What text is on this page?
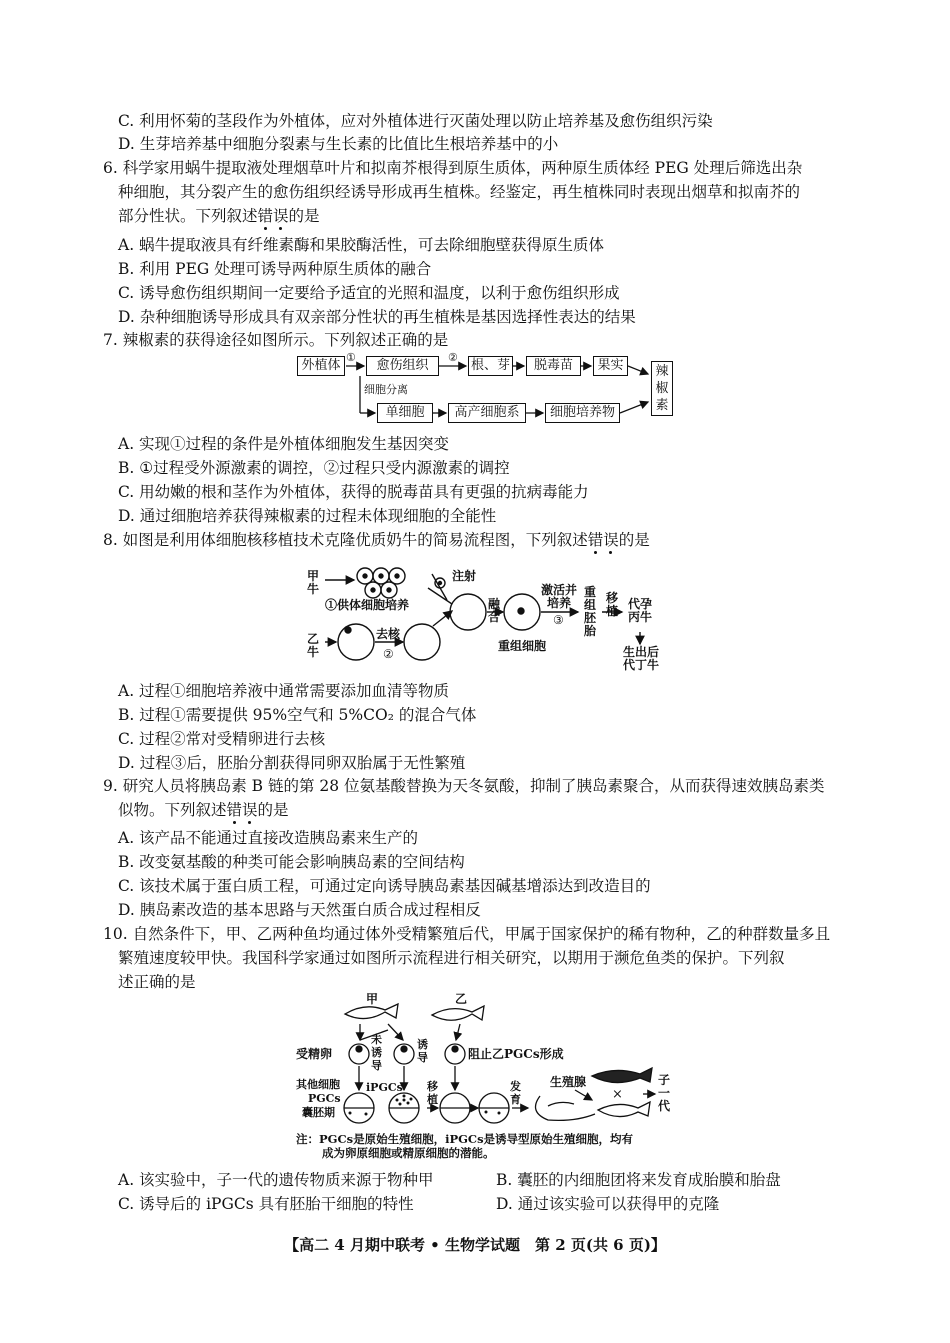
C. 利用怀菊的茎段作为外植体，应对外植体进行灭菌处理以防止培养基及愈伤组织污染
D. 生芽培养基中细胞分裂素与生长素的比值比生根培养基中的小
6. 科学家用蜗牛提取液处理烟草叶片和拟南芥根得到原生质体，两种原生质体经 PEG 处理后筛选出杂
种细胞，其分裂产生的愈伤组织经诱导形成再生植株。经鉴定，再生植株同时表现出烟草和拟南芥的
部分性状。下列叙述错误的是
A. 蜗牛提取液具有纤维素酶和果胶酶活性，可去除细胞壁获得原生质体
B. 利用 PEG 处理可诱导两种原生质体的融合
C. 诱导愈伤组织期间一定要给予适宜的光照和温度，以利于愈伤组织形成
D. 杂种细胞诱导形成具有双亲部分性状的再生植株是基因选择性表达的结果
7. 辣椒素的获得途径如图所示。下列叙述正确的是
外植体
①
愈伤组织
②
根、芽	脱毒苗	果实	辣椒素
细胞分离
单细胞	高产细胞系	细胞培养物
A. 实现①过程的条件是外植体细胞发生基因突变
B. ①过程受外源激素的调控，②过程只受内源激素的调控
C. 用幼嫩的根和茎作为外植体，获得的脱毒苗具有更强的抗病毒能力
D. 通过细胞培养获得辣椒素的过程未体现细胞的全能性
8. 如图是利用体细胞核移植技术克隆优质奶牛的简易流程图，下列叙述错误的是
甲牛
乙牛
①供体细胞培养
注射
去核
②
融合
重组细胞
激活并培养
③
重组胚胎
移植 代孕丙牛
生出后代丁牛
A. 过程①细胞培养液中通常需要添加血清等物质
B. 过程①需要提供 95%空气和 5%CO₂ 的混合气体
C. 过程②常对受精卵进行去核
D. 过程③后，胚胎分割获得同卵双胎属于无性繁殖
9. 研究人员将胰岛素 B 链的第 28 位氨基酸替换为天冬氨酸，抑制了胰岛素聚合，从而获得速效胰岛素类
似物。下列叙述错误的是
A. 该产品不能通过直接改造胰岛素来生产的
B. 改变氨基酸的种类可能会影响胰岛素的空间结构
C. 该技术属于蛋白质工程，可通过定向诱导胰岛素基因碱基增添达到改造目的
D. 胰岛素改造的基本思路与天然蛋白质合成过程相反
10. 自然条件下，甲、乙两种鱼均通过体外受精繁殖后代，甲属于国家保护的稀有物种，乙的种群数量多且
繁殖速度较甲快。我国科学家通过如图所示流程进行相关研究，以期用于濒危鱼类的保护。下列叙
述正确的是
甲	乙
未诱导
诱导	阻止乙PGCs形成
受精卵
其他细胞
PGCs
囊胚期
iPGCs 移植
发育
生殖腺
×
子一代
注：PGCs是原始生殖细胞，iPGCs是诱导型原始生殖细胞，均有
成为卵原细胞或精原细胞的潜能。
A. 该实验中，子一代的遗传物质来源于物种甲	B. 囊胚的内细胞团将来发育成胎膜和胎盘
C. 诱导后的 iPGCs 具有胚胎干细胞的特性	D. 通过该实验可以获得甲的克隆
【高二 4 月期中联考 • 生物学试题　第 2 页(共 6 页)】
